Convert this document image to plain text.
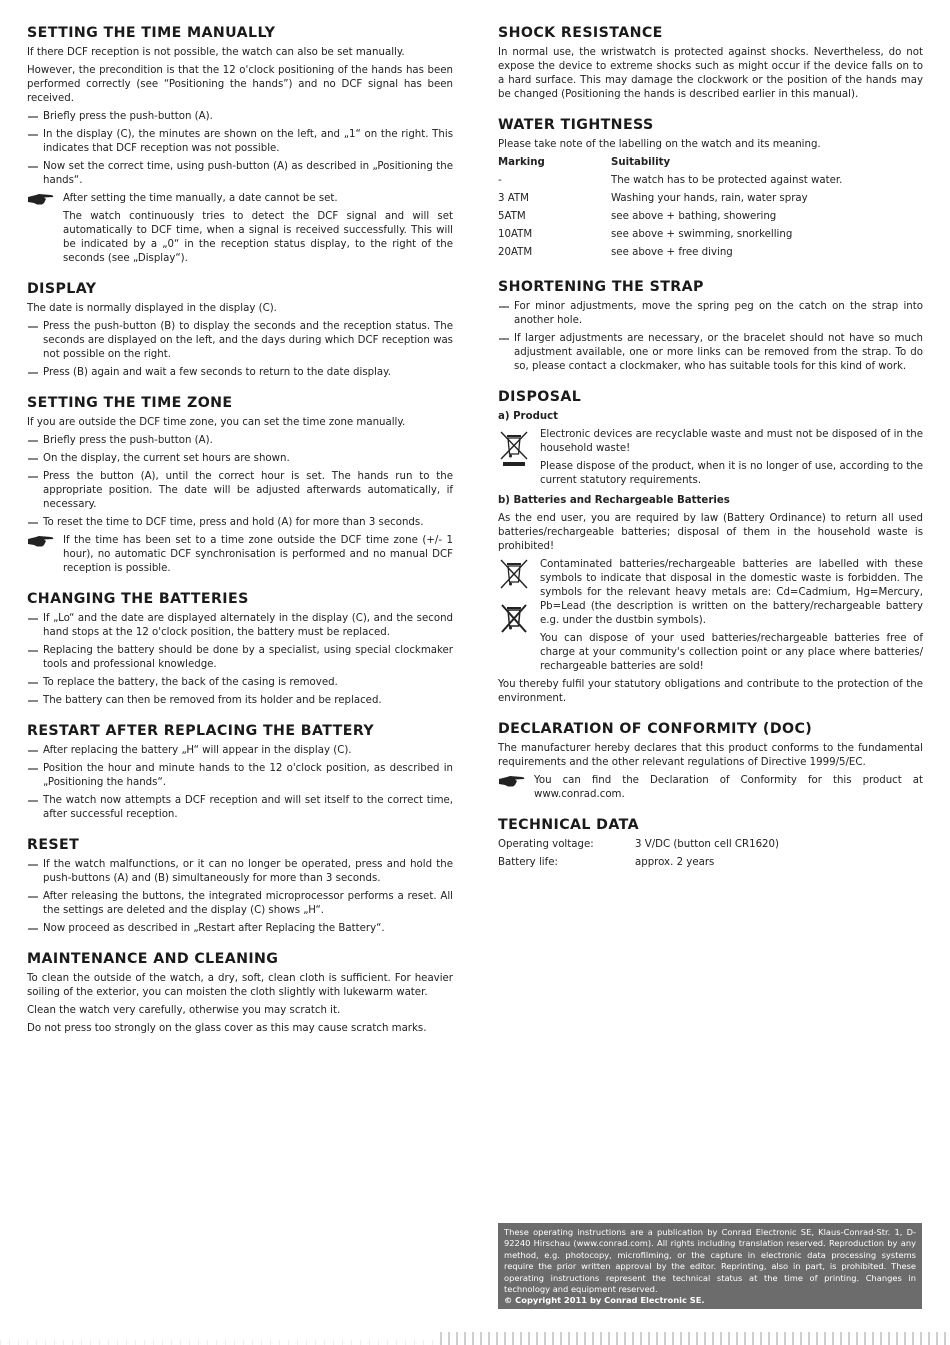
SETTING THE TIME MANUALLY

If there DCF reception is not possible, the watch can also be set manually.

However, the precondition is that the 12 o'clock positioning of the hands has been performed correctly (see “Positioning the hands”) and no DCF signal has been received.

Briefly press the push-button (A).
In the display (C), the minutes are shown on the left, and „1“ on the right. This indicates that DCF reception was not possible.
Now set the correct time, using push-button (A) as described in „Positioning the hands“.

After setting the time manually, a date cannot be set.

The watch continuously tries to detect the DCF signal and will set automatically to DCF time, when a signal is received successfully. This will be indicated by a „0“ in the reception status display, to the right of the seconds (see „Display“).

DISPLAY

The date is normally displayed in the display (C).

Press the push-button (B) to display the seconds and the reception status. The seconds are displayed on the left, and the days during which DCF reception was not possible on the right.
Press (B) again and wait a few seconds to return to the date display.
SETTING THE TIME ZONE

If you are outside the DCF time zone, you can set the time zone manually.

Briefly press the push-button (A).
On the display, the current set hours are shown.
Press the button (A), until the correct hour is set. The hands run to the appropriate position. The date will be adjusted afterwards automatically, if necessary.
To reset the time to DCF time, press and hold (A) for more than 3 seconds.

If the time has been set to a time zone outside the DCF time zone (+/- 1 hour), no automatic DCF synchronisation is performed and no manual DCF reception is possible.

CHANGING THE BATTERIES
If „Lo“ and the date are displayed alternately in the display (C), and the second hand stops at the 12 o'clock position, the battery must be replaced.
Replacing the battery should be done by a specialist, using special clockmaker tools and professional knowledge.
To replace the battery, the back of the casing is removed.
The battery can then be removed from its holder and be replaced.
RESTART AFTER REPLACING THE BATTERY
After replacing the battery „H“ will appear in the display (C).
Position the hour and minute hands to the 12 o'clock position, as described in „Positioning the hands“.
The watch now attempts a DCF reception and will set itself to the correct time, after successful reception.
RESET
If the watch malfunctions, or it can no longer be operated, press and hold the push-buttons (A) and (B) simultaneously for more than 3 seconds.
After releasing the buttons, the integrated microprocessor performs a reset. All the settings are deleted and the display (C) shows „H“.
Now proceed as described in „Restart after Replacing the Battery“.
MAINTENANCE AND CLEANING

To clean the outside of the watch, a dry, soft, clean cloth is sufficient. For heavier soiling of the exterior, you can moisten the cloth slightly with lukewarm water.

Clean the watch very carefully, otherwise you may scratch it.

Do not press too strongly on the glass cover as this may cause scratch marks.

SHOCK RESISTANCE

In normal use, the wristwatch is protected against shocks. Nevertheless, do not expose the device to extreme shocks such as might occur if the device falls on to a hard surface. This may damage the clockwork or the position of the hands may be changed (Positioning the hands is described earlier in this manual).

WATER TIGHTNESS

Please take note of the labelling on the watch and its meaning.

Marking	Suitability
-	The watch has to be protected against water.
3 ATM	Washing your hands, rain, water spray
5ATM	see above + bathing, showering
10ATM	see above + swimming, snorkelling
20ATM	see above + free diving
SHORTENING THE STRAP
For minor adjustments, move the spring peg on the catch on the strap into another hole.
If larger adjustments are necessary, or the bracelet should not have so much adjustment available, one or more links can be removed from the strap. To do so, please contact a clockmaker, who has suitable tools for this kind of work.
DISPOSAL
a) Product

Electronic devices are recyclable waste and must not be disposed of in the household waste!

Please dispose of the product, when it is no longer of use, according to the current statutory requirements.

b) Batteries and Rechargeable Batteries

As the end user, you are required by law (Battery Ordinance) to return all used batteries/rechargeable batteries; disposal of them in the household waste is prohibited!

Contaminated batteries/rechargeable batteries are labelled with these symbols to indicate that disposal in the domestic waste is forbidden. The symbols for the relevant heavy metals are: Cd=Cadmium, Hg=Mercury, Pb=Lead (the description is written on the battery/rechargeable battery e.g. under the dustbin symbols).

You can dispose of your used batteries/rechargeable batteries free of charge at your community's collection point or any place where batteries/ rechargeable batteries are sold!

You thereby fulfil your statutory obligations and contribute to the protection of the environment.

DECLARATION OF CONFORMITY (DOC)

The manufacturer hereby declares that this product conforms to the fundamental requirements and the other relevant regulations of Directive 1999/5/EC.

You can find the Declaration of Conformity for this product at www.conrad.com.

TECHNICAL DATA
Operating voltage:	3 V/DC (button cell CR1620)
Battery life:	approx. 2 years
These operating instructions are a publication by Conrad Electronic SE, Klaus-Conrad-Str. 1, D-92240 Hirschau (www.conrad.com). All rights including translation reserved. Reproduction by any method, e.g. photocopy, microfilming, or the capture in electronic data processing systems require the prior written approval by the editor. Reprinting, also in part, is prohibited. These operating instructions represent the technical status at the time of printing. Changes in technology and equipment reserved.
© Copyright 2011 by Conrad Electronic SE.
